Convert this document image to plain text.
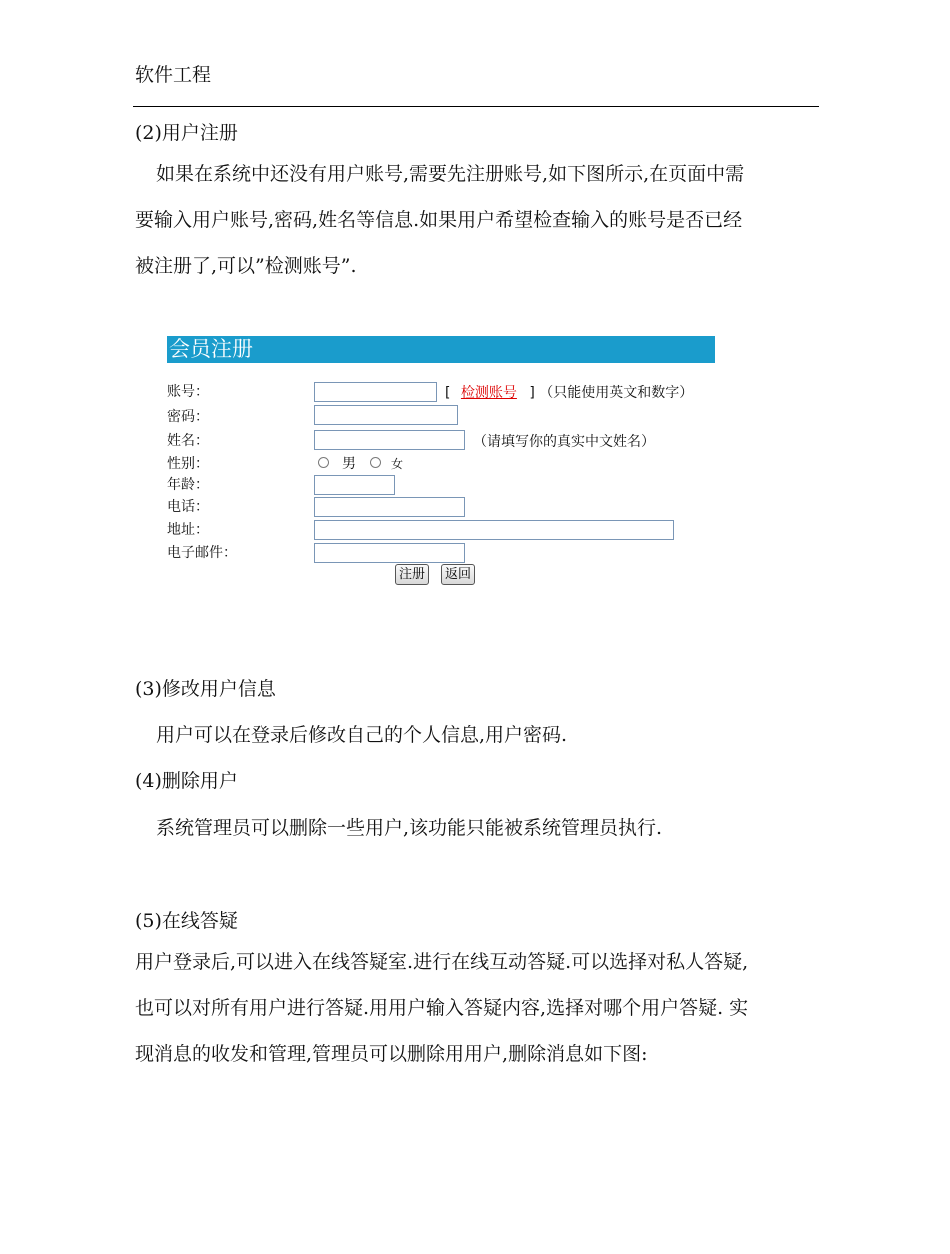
软件工程
(2)用户注册
如果在系统中还没有用户账号,需要先注册账号,如下图所示,在页面中需
要输入用户账号,密码,姓名等信息.如果用户希望检查输入的账号是否已经
被注册了,可以”检测账号”.
会员注册
账号：	[ 检测账号 ] （只能使用英文和数字）
密码：
姓名：	（请填写你的真实中文姓名）
性别：	男	女
年龄：
电话：
地址：
电子邮件：
注册	返回
(3)修改用户信息
用户可以在登录后修改自己的个人信息,用户密码.
(4)删除用户
系统管理员可以删除一些用户,该功能只能被系统管理员执行.
(5)在线答疑
用户登录后,可以进入在线答疑室.进行在线互动答疑.可以选择对私人答疑,
也可以对所有用户进行答疑.用用户输入答疑内容,选择对哪个用户答疑. 实
现消息的收发和管理,管理员可以删除用用户,删除消息如下图:
